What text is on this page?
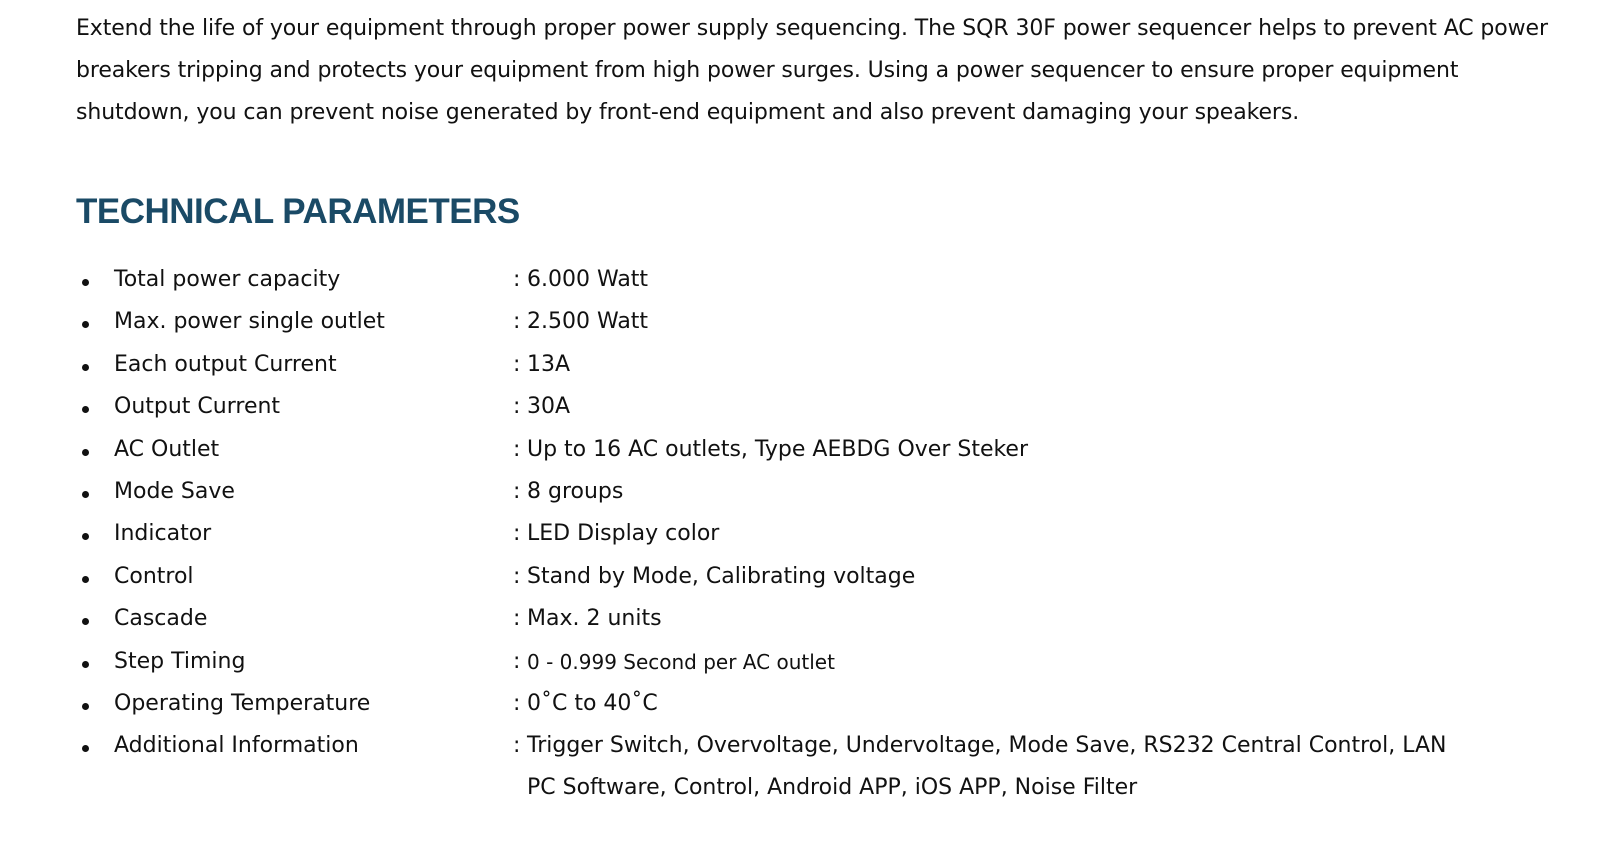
Extend the life of your equipment through proper power supply sequencing. The SQR 30F power sequencer helps to prevent AC power breakers tripping and protects your equipment from high power surges. Using a power sequencer to ensure proper equipment shutdown, you can prevent noise generated by front-end equipment and also prevent damaging your speakers.

TECHNICAL PARAMETERS
Total power capacity	: 6.000 Watt
Max. power single outlet	: 2.500 Watt
Each output Current	: 13A
Output Current	: 30A
AC Outlet	: Up to 16 AC outlets, Type AEBDG Over Steker
Mode Save	: 8 groups
Indicator	: LED Display color
Control	: Stand by Mode, Calibrating voltage
Cascade	: Max. 2 units
Step Timing	: 0 - 0.999 Second per AC outlet
Operating Temperature	: 0˚C to 40˚C
Additional Information	: Trigger Switch, Overvoltage, Undervoltage, Mode Save, RS232 Central Control, LAN
PC Software, Control, Android APP, iOS APP, Noise Filter
